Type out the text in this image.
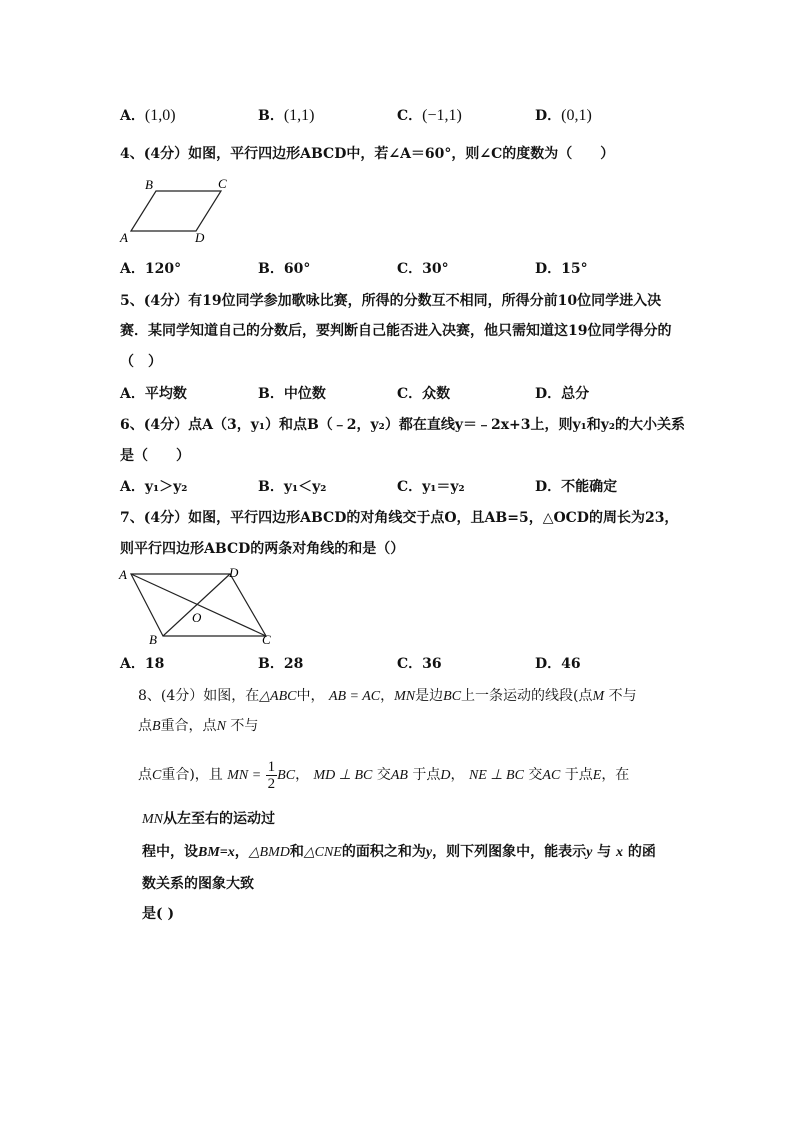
A．(1,0)	B．(1,1)	C．(−1,1)	D．(0,1)
4、(4分）如图，平行四边形ABCD中，若∠A＝60°，则∠C的度数为（　　）
B	C
A	D
A．120°	B．60°	C．30°	D．15°
5、(4分）有19位同学参加歌咏比赛，所得的分数互不相同，所得分前10位同学进入决
赛．某同学知道自己的分数后，要判断自己能否进入决赛，他只需知道这19位同学得分的
（　）
A．平均数	B．中位数	C．众数	D．总分
6、(4分）点A（3，y₁）和点B（﹣2，y₂）都在直线y＝﹣2x+3上，则y₁和y₂的大小关系
是（　　）
A．y₁＞y₂	B．y₁＜y₂	C．y₁＝y₂	D．不能确定
7、(4分）如图，平行四边形ABCD的对角线交于点O，且AB=5，△OCD的周长为23，
则平行四边形ABCD的两条对角线的和是（）
A	D
O
B	C
A．18	B．28	C．36	D．46
8、(4分）如图，在△ABC中， AB = AC，MN是边BC上一条运动的线段(点M 不与
点B重合，点N 不与
点C重合)，且 MN = $\frac{1}{2}$ BC， MD ⊥ BC 交AB 于点D， NE ⊥ BC 交AC 于点E，在
MN从左至右的运动过
程中，设BM=x，△BMD和△CNE的面积之和为y，则下列图象中，能表示y 与 x 的函
数关系的图象大致
是( )
